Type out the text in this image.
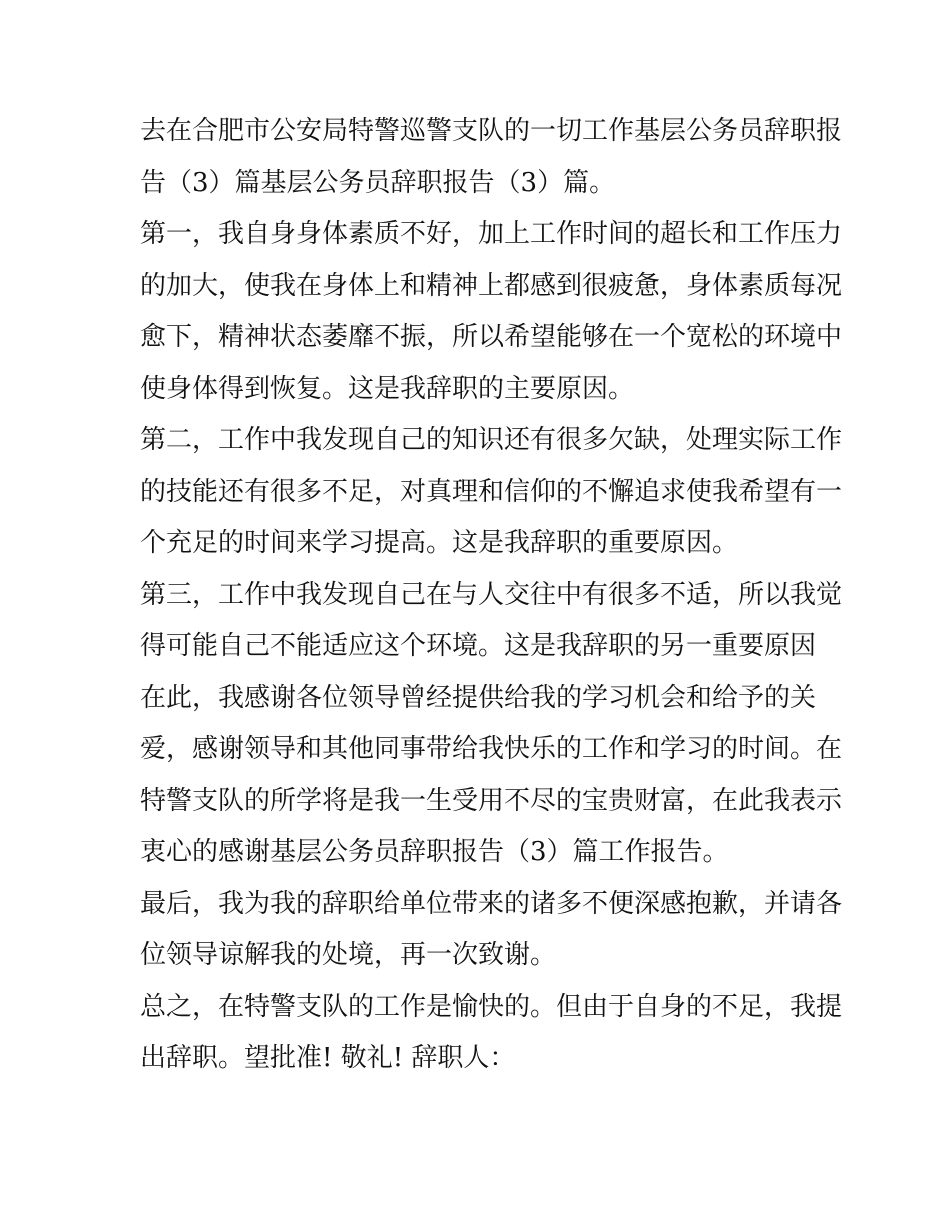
去在合肥市公安局特警巡警支队的一切工作基层公务员辞职报
告（3）篇基层公务员辞职报告（3）篇。
第一，我自身身体素质不好，加上工作时间的超长和工作压力
的加大，使我在身体上和精神上都感到很疲惫，身体素质每况
愈下，精神状态萎靡不振，所以希望能够在一个宽松的环境中
使身体得到恢复。这是我辞职的主要原因。
第二，工作中我发现自己的知识还有很多欠缺，处理实际工作
的技能还有很多不足，对真理和信仰的不懈追求使我希望有一
个充足的时间来学习提高。这是我辞职的重要原因。
第三，工作中我发现自己在与人交往中有很多不适，所以我觉
得可能自己不能适应这个环境。这是我辞职的另一重要原因
在此，我感谢各位领导曾经提供给我的学习机会和给予的关
爱，感谢领导和其他同事带给我快乐的工作和学习的时间。在
特警支队的所学将是我一生受用不尽的宝贵财富，在此我表示
衷心的感谢基层公务员辞职报告（3）篇工作报告。
最后，我为我的辞职给单位带来的诸多不便深感抱歉，并请各
位领导谅解我的处境，再一次致谢。
总之，在特警支队的工作是愉快的。但由于自身的不足，我提
出辞职。望批准! 敬礼! 辞职人：
